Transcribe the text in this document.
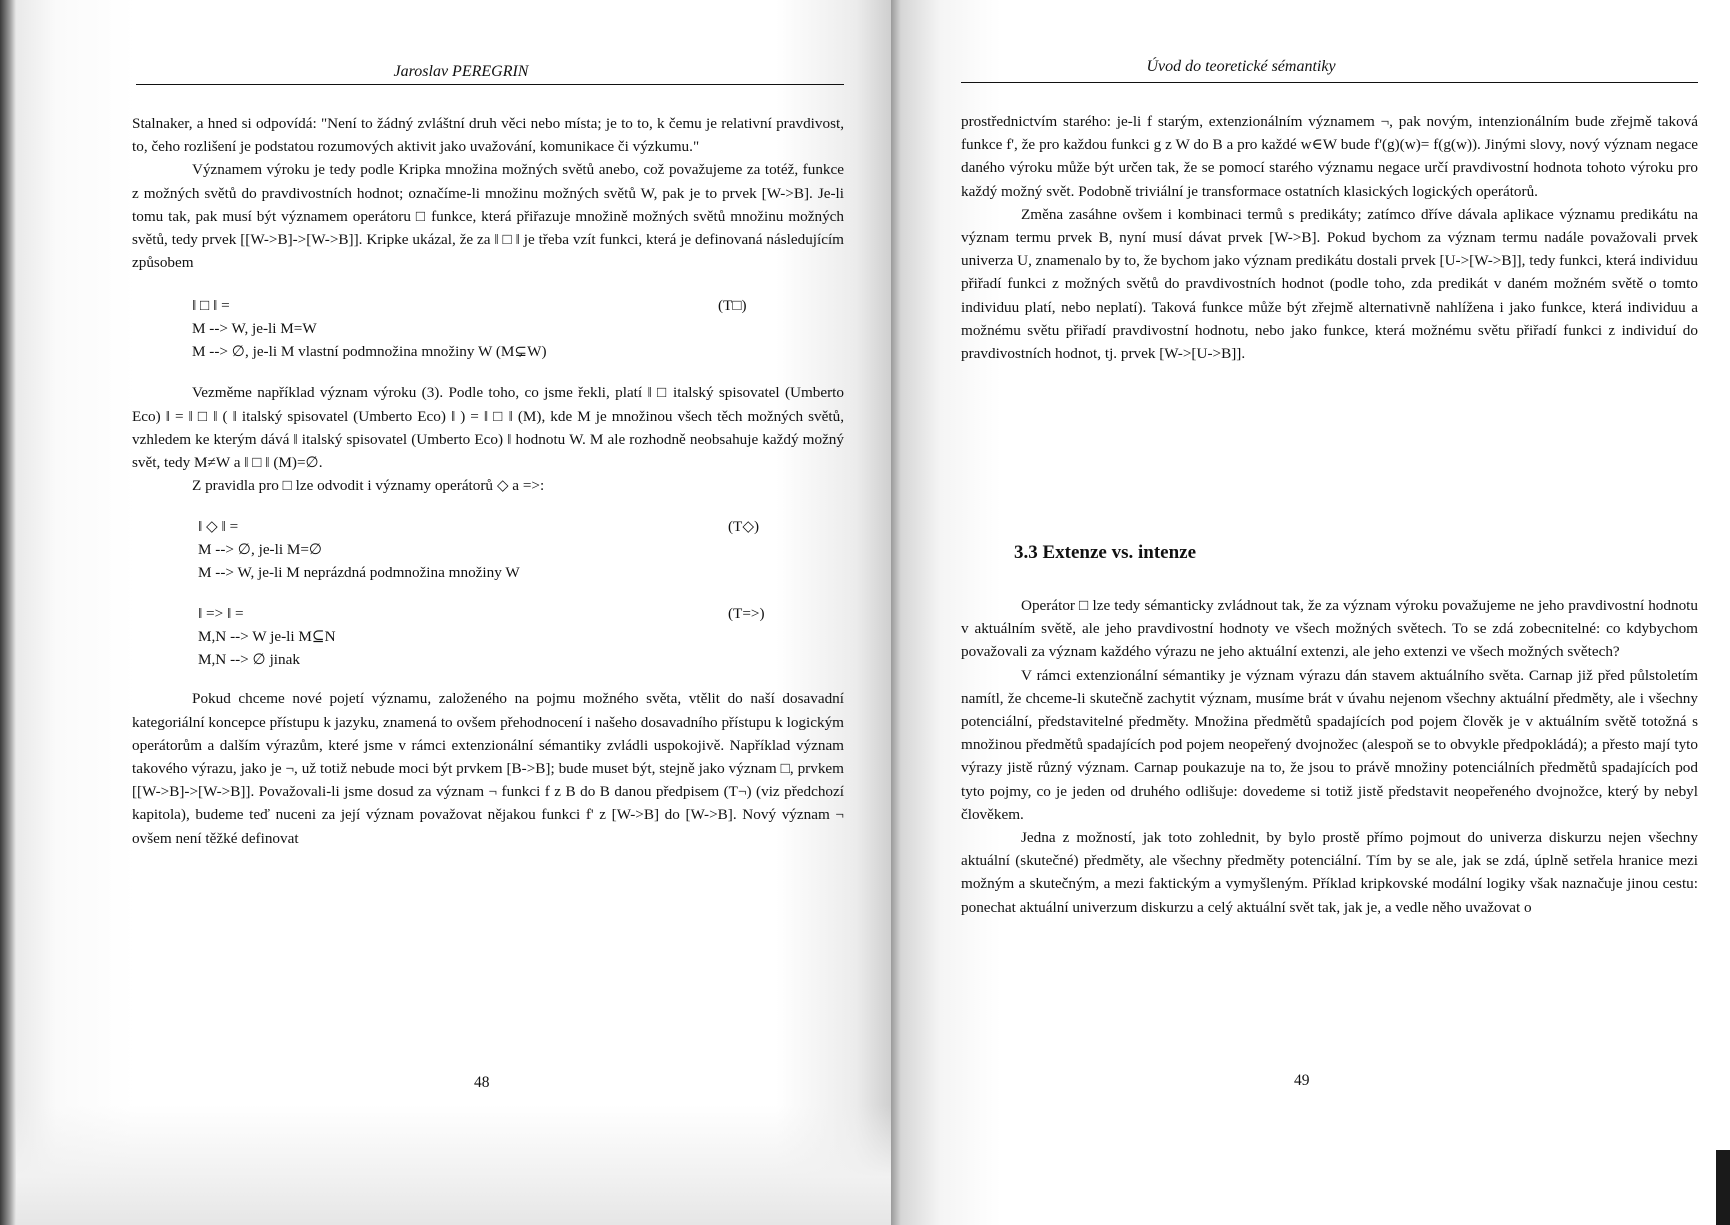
Jaroslav PEREGRIN

Stalnaker, a hned si odpovídá: "Není to žádný zvláštní druh věci nebo místa; je to to, k čemu je relativní pravdivost, to, čeho rozlišení je podstatou rozumových aktivit jako uvažování, komunikace či výzkumu."

Významem výroku je tedy podle Kripka množina možných světů anebo, což považujeme za totéž, funkce z možných světů do pravdivostních hodnot; označíme-li množinu možných světů W, pak je to prvek [W->B]. Je-li tomu tak, pak musí být významem operátoru □ funkce, která přiřazuje množině možných světů množinu možných světů, tedy prvek [[W->B]->[W->B]]. Kripke ukázal, že za ‖ □ ‖ je třeba vzít funkci, která je definovaná následujícím způsobem

‖ □ ‖ =	(T□)
M --> W, je-li M=W
M --> ∅, je-li M vlastní podmnožina množiny W (M⊊W)

Vezměme například význam výroku (3). Podle toho, co jsme řekli, platí ‖ □ italský spisovatel (Umberto Eco) ‖ = ‖ □ ‖ ( ‖ italský spisovatel (Umberto Eco) ‖ ) = ‖ □ ‖ (M), kde M je množinou všech těch možných světů, vzhledem ke kterým dává ‖ italský spisovatel (Umberto Eco) ‖ hodnotu W. M ale rozhodně neobsahuje každý možný svět, tedy M≠W a ‖ □ ‖ (M)=∅.

Z pravidla pro □ lze odvodit i významy operátorů ◇ a =>:

‖ ◇ ‖ =	(T◇)
M --> ∅, je-li M=∅
M --> W, je-li M neprázdná podmnožina množiny W
‖ => ‖ =	(T=>)
M,N --> W je-li M⊆N
M,N --> ∅ jinak

Pokud chceme nové pojetí významu, založeného na pojmu možného světa, vtělit do naší dosavadní kategoriální koncepce přístupu k jazyku, znamená to ovšem přehodnocení i našeho dosavadního přístupu k logickým operátorům a dalším výrazům, které jsme v rámci extenzionální sémantiky zvládli uspokojivě. Například význam takového výrazu, jako je ¬, už totiž nebude moci být prvkem [B->B]; bude muset být, stejně jako význam □, prvkem [[W->B]->[W->B]]. Považovali-li jsme dosud za význam ¬ funkci f z B do B danou předpisem (T¬) (viz předchozí kapitola), budeme teď nuceni za její význam považovat nějakou funkci f' z [W->B] do [W->B]. Nový význam ¬ ovšem není těžké definovat

48
Úvod do teoretické sémantiky

prostřednictvím starého: je-li f starým, extenzionálním významem ¬, pak novým, intenzionálním bude zřejmě taková funkce f', že pro každou funkci g z W do B a pro každé w∈W bude f'(g)(w)= f(g(w)). Jinými slovy, nový význam negace daného výroku může být určen tak, že se pomocí starého významu negace určí pravdivostní hodnota tohoto výroku pro každý možný svět. Podobně triviální je transformace ostatních klasických logických operátorů.

Změna zasáhne ovšem i kombinaci termů s predikáty; zatímco dříve dávala aplikace významu predikátu na význam termu prvek B, nyní musí dávat prvek [W->B]. Pokud bychom za význam termu nadále považovali prvek univerza U, znamenalo by to, že bychom jako význam predikátu dostali prvek [U->[W->B]], tedy funkci, která individuu přiřadí funkci z možných světů do pravdivostních hodnot (podle toho, zda predikát v daném možném světě o tomto individuu platí, nebo neplatí). Taková funkce může být zřejmě alternativně nahlížena i jako funkce, která individuu a možnému světu přiřadí pravdivostní hodnotu, nebo jako funkce, která možnému světu přiřadí funkci z individuí do pravdivostních hodnot, tj. prvek [W->[U->B]].

3.3 Extenze vs. intenze

Operátor □ lze tedy sémanticky zvládnout tak, že za význam výroku považujeme ne jeho pravdivostní hodnotu v aktuálním světě, ale jeho pravdivostní hodnoty ve všech možných světech. To se zdá zobecnitelné: co kdybychom považovali za význam každého výrazu ne jeho aktuální extenzi, ale jeho extenzi ve všech možných světech?

V rámci extenzionální sémantiky je význam výrazu dán stavem aktuálního světa. Carnap již před půlstoletím namítl, že chceme-li skutečně zachytit význam, musíme brát v úvahu nejenom všechny aktuální předměty, ale i všechny potenciální, představitelné předměty. Množina předmětů spadajících pod pojem člověk je v aktuálním světě totožná s množinou předmětů spadajících pod pojem neopeřený dvojnožec (alespoň se to obvykle předpokládá); a přesto mají tyto výrazy jistě různý význam. Carnap poukazuje na to, že jsou to právě množiny potenciálních předmětů spadajících pod tyto pojmy, co je jeden od druhého odlišuje: dovedeme si totiž jistě představit neopeřeného dvojnožce, který by nebyl člověkem.

Jedna z možností, jak toto zohlednit, by bylo prostě přímo pojmout do univerza diskurzu nejen všechny aktuální (skutečné) předměty, ale všechny předměty potenciální. Tím by se ale, jak se zdá, úplně setřela hranice mezi možným a skutečným, a mezi faktickým a vymyšleným. Příklad kripkovské modální logiky však naznačuje jinou cestu: ponechat aktuální univerzum diskurzu a celý aktuální svět tak, jak je, a vedle něho uvažovat o

49
